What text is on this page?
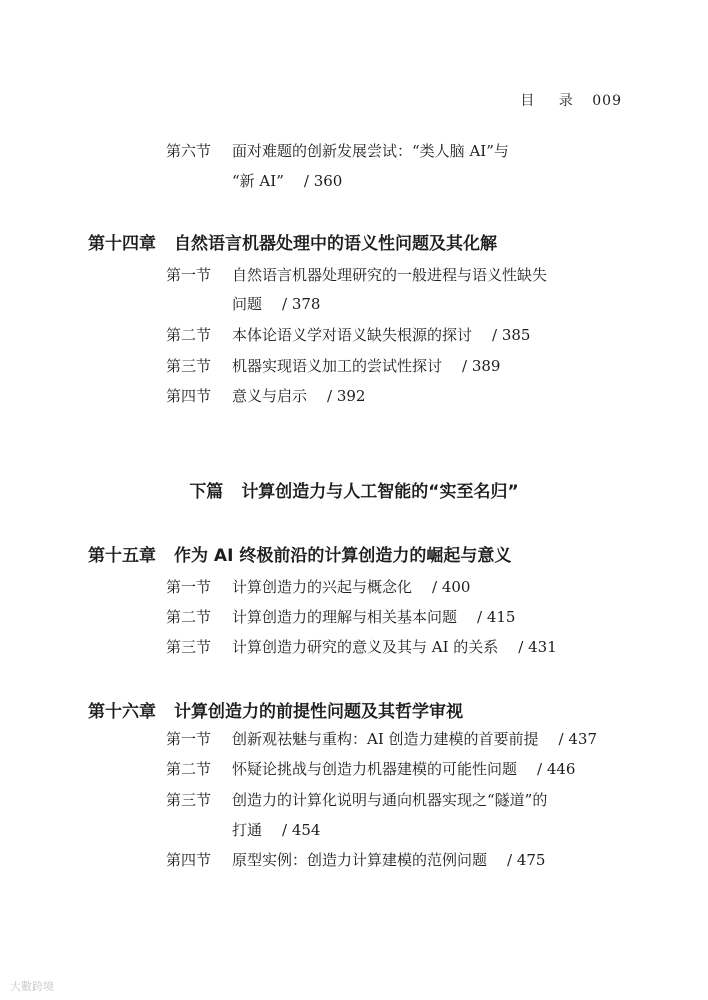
目 录 009
第六节 面对难题的创新发展尝试：“类人脑 AI”与
“新 AI” / 360
第十四章 自然语言机器处理中的语义性问题及其化解
第一节 自然语言机器处理研究的一般进程与语义性缺失
问题 / 378
第二节 本体论语义学对语义缺失根源的探讨 / 385
第三节 机器实现语义加工的尝试性探讨 / 389
第四节 意义与启示 / 392
下篇 计算创造力与人工智能的“实至名归”
第十五章 作为 AI 终极前沿的计算创造力的崛起与意义
第一节 计算创造力的兴起与概念化 / 400
第二节 计算创造力的理解与相关基本问题 / 415
第三节 计算创造力研究的意义及其与 AI 的关系 / 431
第十六章 计算创造力的前提性问题及其哲学审视
第一节 创新观祛魅与重构：AI 创造力建模的首要前提 / 437
第二节 怀疑论挑战与创造力机器建模的可能性问题 / 446
第三节 创造力的计算化说明与通向机器实现之“隧道”的
打通 / 454
第四节 原型实例：创造力计算建模的范例问题 / 475
大數跨境
